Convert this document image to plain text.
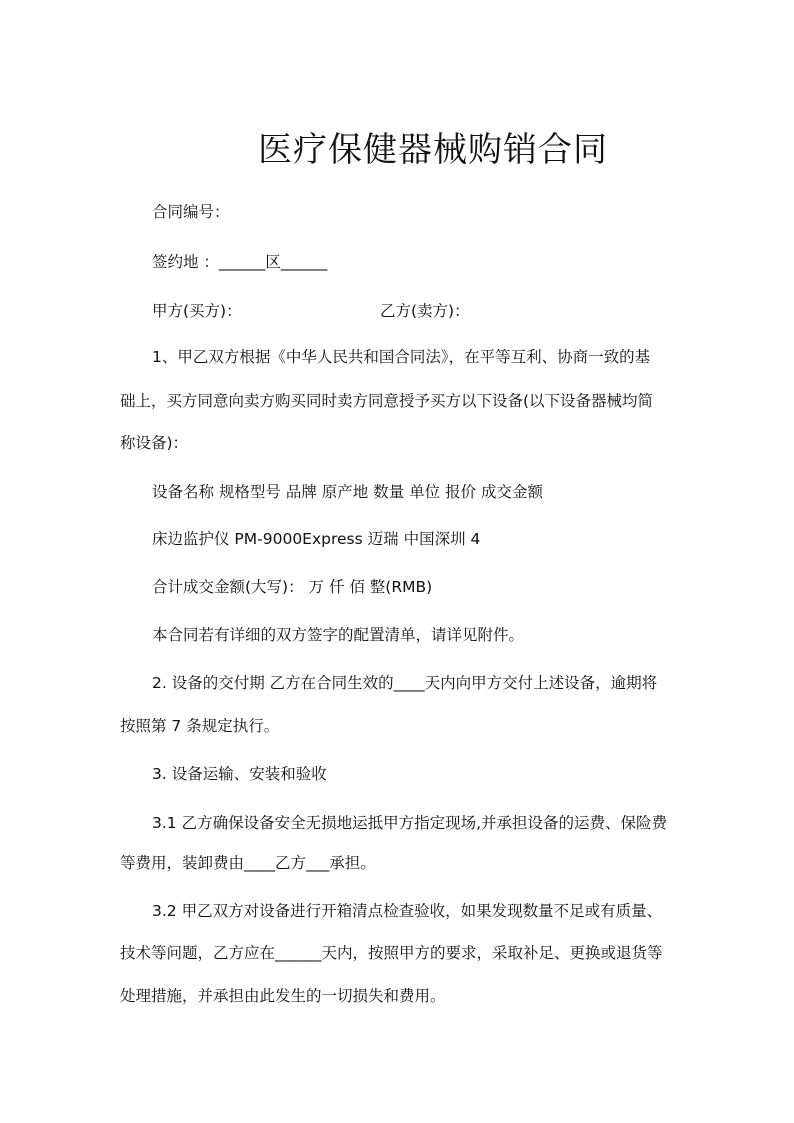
医疗保健器械购销合同
合同编号：
签约地 ：______区______
甲方(买方)：	乙方(卖方)：
1、甲乙双方根据《中华人民共和国合同法》，在平等互利、协商一致的基
础上，买方同意向卖方购买同时卖方同意授予买方以下设备(以下设备器械均简
称设备)：
设备名称 规格型号 品牌 原产地 数量 单位 报价 成交金额
床边监护仪 PM-9000Express 迈瑞 中国深圳 4
合计成交金额(大写)： 万 仟 佰 整(RMB)
本合同若有详细的双方签字的配置清单，请详见附件。
2. 设备的交付期 乙方在合同生效的____天内向甲方交付上述设备，逾期将
按照第 7 条规定执行。
3. 设备运输、安装和验收
3.1 乙方确保设备安全无损地运抵甲方指定现场,并承担设备的运费、保险费
等费用，装卸费由____乙方___承担。
3.2 甲乙双方对设备进行开箱清点检查验收，如果发现数量不足或有质量、
技术等问题，乙方应在______天内，按照甲方的要求，采取补足、更换或退货等
处理措施，并承担由此发生的一切损失和费用。
